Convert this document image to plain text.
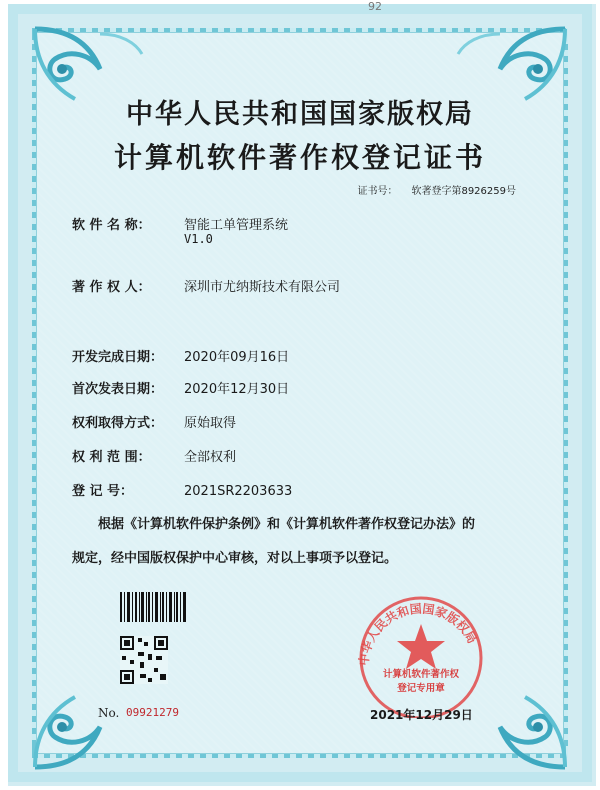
92
中华人民共和国国家版权局
计算机软件著作权登记证书
证书号： 软著登字第8926259号
软 件 名 称：	智能工单管理系统
V1.0
著 作 权 人：	深圳市尤纳斯技术有限公司
开发完成日期： 2020年09月16日
首次发表日期： 2020年12月30日
权利取得方式： 原始取得
权 利 范 围：	全部权利
登 记 号：	2021SR2203633
根据《计算机软件保护条例》和《计算机软件著作权登记办法》的
规定，经中国版权保护中心审核，对以上事项予以登记。
No. 09921279
中华人民共和国国家版权局
计算机软件著作权
登记专用章
2021年12月29日
